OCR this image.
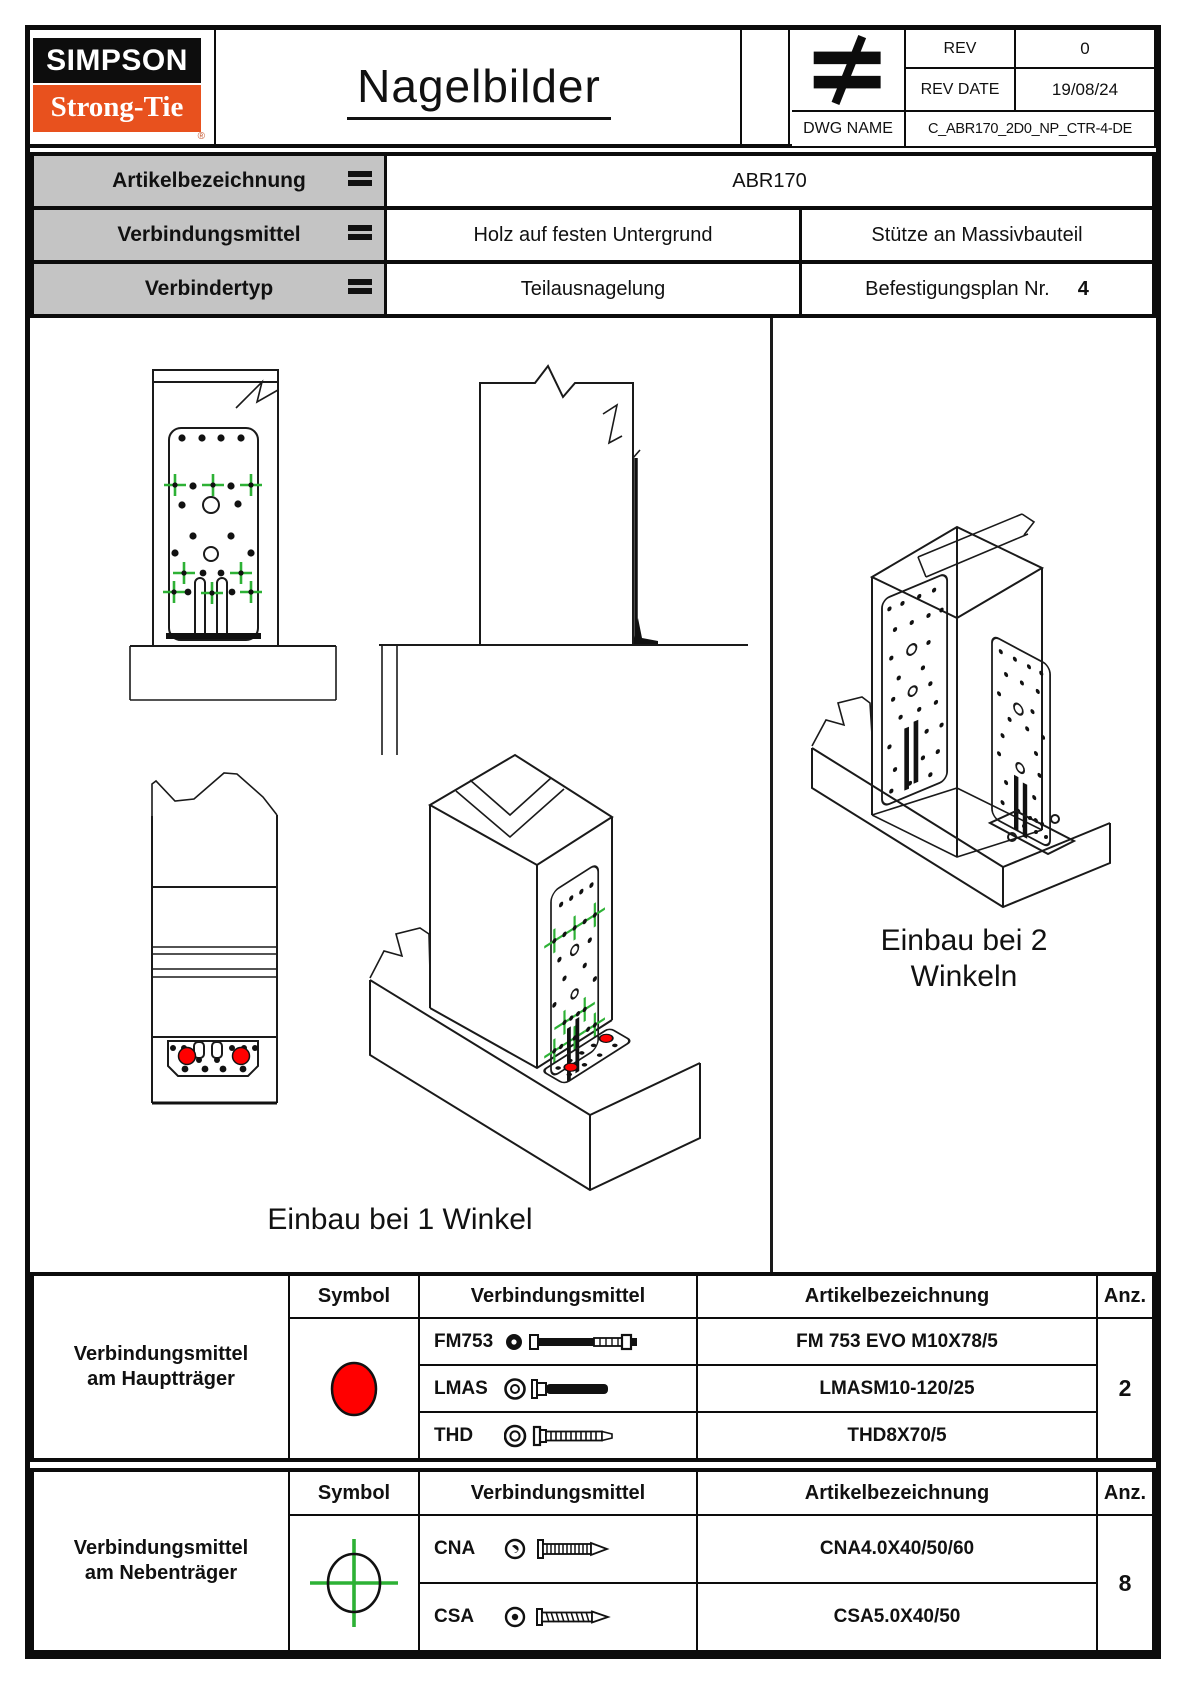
SIMPSON
Strong-Tie
®
Nagelbilder
REV	0
REV DATE	19/08/24
DWG NAME	C_ABR170_2D0_NP_CTR-4-DE
Artikelbezeichnung	ABR170
Verbindungsmittel	Holz auf festen Untergrund	Stütze an Massivbauteil
Verbindertyp	Teilausnagelung	Befestigungsplan Nr. 4
Einbau bei 1 Winkel
Einbau bei 2
Winkeln
Verbindungsmittel
am Hauptträger
Symbol	Verbindungsmittel	Artikelbezeichnung	Anz.
FM753	FM 753 EVO M10X78/5
2
LMAS	LMASM10-120/25
THD	THD8X70/5
Verbindungsmittel
am Nebenträger
Symbol	Verbindungsmittel	Artikelbezeichnung	Anz.
CNA	CNA4.0X40/50/60
8
CSA	CSA5.0X40/50
